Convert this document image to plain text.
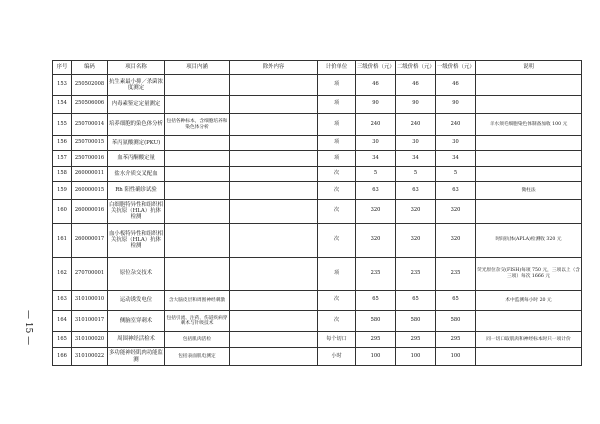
— 15 —
序号	编码	项目名称	项目内涵	除外内容	计价单位	三级价格（元）	二级价格（元）	一级价格（元）	说明
153	250502008	抗生素最小抑／杀菌浓度测定			项	46	46	46	
154	250506006	内毒素鉴定定量测定			项	90	90	90	
155	250700014	培养细胞的染色体分析	包括各种标本，含细胞培养和染色体分析		项	240	240	240	羊水须毛细胞染色体制备加收 100 元
156	250700015	苯丙氨酸测定(PKU)			项	30	30	30	
157	250700016	血苯丙酮酸定量			项	34	34	34	
158	260000011	盐水介质交叉配血			次	5	5	5	
159	260000015	Rh 阳性确诊试验			次	63	63	63	微柱法
160	260000016	白细胞特异性和组织相关抗原（HLA）抗体检测			次	320	320	320	
161	260000017	血小板特异性和组织相关抗原（HLA）抗体检测			次	320	320	320	时间抗体(APLA)检测收 320 元
162	270700001	原位杂交技术			项	235	235	235	荧光原位杂交(FISH)每项 750 元，三项以上（含三项）每次 1666 元
163	310100010	运动诱发电位	含大脑皮层和周围神经刺激		次	65	65	65	术中监测每小时 20 元
164	310100017	侧脑室穿刺术	包括引流、注药、伤道疾病穿刺术与针吸技术		次	580	580	580	
165	310100020	周围神经活检术	包括肌肉活检		每个切口	295	295	295	同一切口取肌肉和神经标本时只一项计价
166	310100022	多功能神经肌肉功能监测	包括表面肌电测定		小时	100	100	100	
